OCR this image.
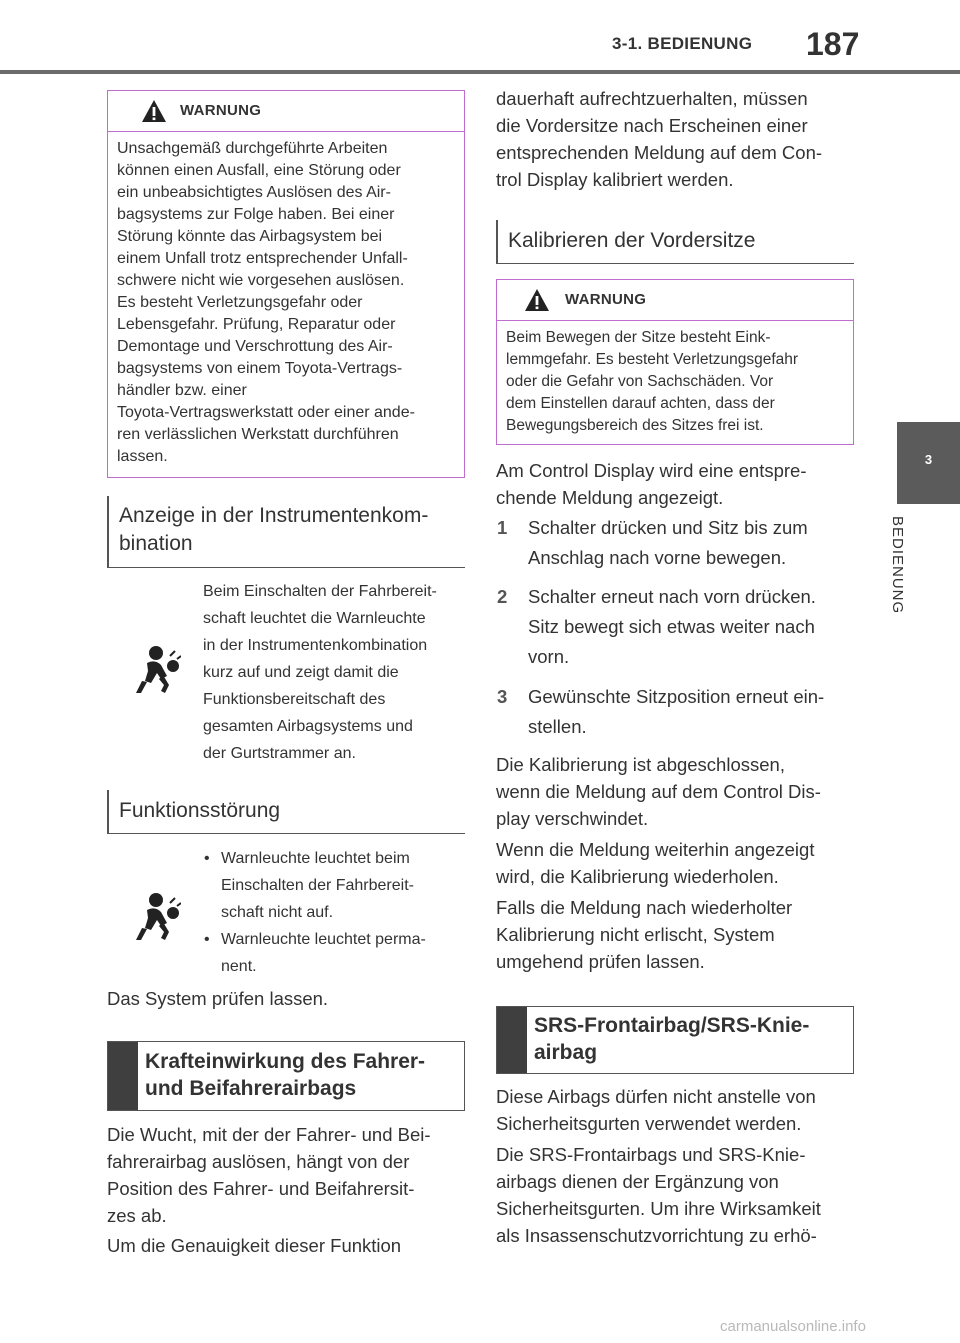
3-1. BEDIENUNG 187
3
BEDIENUNG
WARNUNG
Unsachgemäß durchgeführte Arbeiten
können einen Ausfall, eine Störung oder
ein unbeabsichtigtes Auslösen des Air-
bagsystems zur Folge haben. Bei einer
Störung könnte das Airbagsystem bei
einem Unfall trotz entsprechender Unfall-
schwere nicht wie vorgesehen auslösen.
Es besteht Verletzungsgefahr oder
Lebensgefahr. Prüfung, Reparatur oder
Demontage und Verschrottung des Air-
bagsystems von einem Toyota-Vertrags-
händler bzw. einer
Toyota-Vertragswerkstatt oder einer ande-
ren verlässlichen Werkstatt durchführen
lassen.
Anzeige in der Instrumentenkom-
bination
Beim Einschalten der Fahrbereit-
schaft leuchtet die Warnleuchte
in der Instrumentenkombination
kurz auf und zeigt damit die
Funktionsbereitschaft des
gesamten Airbagsystems und
der Gurtstrammer an.
Funktionsstörung
• Warnleuchte leuchtet beim
Einschalten der Fahrbereit-
schaft nicht auf.
• Warnleuchte leuchtet perma-
nent.
Das System prüfen lassen.
Krafteinwirkung des Fahrer-
und Beifahrerairbags
Die Wucht, mit der der Fahrer- und Bei-
fahrerairbag auslösen, hängt von der
Position des Fahrer- und Beifahrersit-
zes ab.
Um die Genauigkeit dieser Funktion
dauerhaft aufrechtzuerhalten, müssen
die Vordersitze nach Erscheinen einer
entsprechenden Meldung auf dem Con-
trol Display kalibriert werden.
Kalibrieren der Vordersitze
WARNUNG
Beim Bewegen der Sitze besteht Eink-
lemmgefahr. Es besteht Verletzungsgefahr
oder die Gefahr von Sachschäden. Vor
dem Einstellen darauf achten, dass der
Bewegungsbereich des Sitzes frei ist.
Am Control Display wird eine entspre-
chende Meldung angezeigt.
1 Schalter drücken und Sitz bis zum
Anschlag nach vorne bewegen.
2 Schalter erneut nach vorn drücken.
Sitz bewegt sich etwas weiter nach
vorn.
3 Gewünschte Sitzposition erneut ein-
stellen.
Die Kalibrierung ist abgeschlossen,
wenn die Meldung auf dem Control Dis-
play verschwindet.
Wenn die Meldung weiterhin angezeigt
wird, die Kalibrierung wiederholen.
Falls die Meldung nach wiederholter
Kalibrierung nicht erlischt, System
umgehend prüfen lassen.
SRS-Frontairbag/SRS-Knie-
airbag
Diese Airbags dürfen nicht anstelle von
Sicherheitsgurten verwendet werden.
Die SRS-Frontairbags und SRS-Knie-
airbags dienen der Ergänzung von
Sicherheitsgurten. Um ihre Wirksamkeit
als Insassenschutzvorrichtung zu erhö-
carmanualsonline.info
